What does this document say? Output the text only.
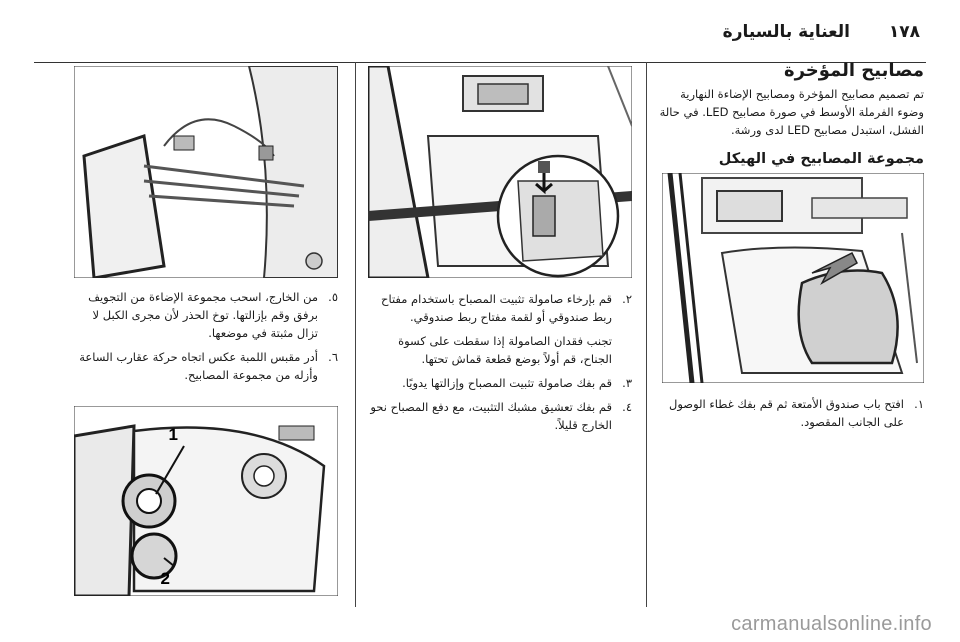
١٧٨
العناية بالسيارة
مصابيح المؤخرة

تم تصميم مصابيح المؤخرة ومصابيح الإضاءة النهارية وضوء الفرملة الأوسط في صورة مصابيح LED. في حالة الفشل، استبدل مصابيح LED لدى ورشة.

مجموعة المصابيح في الهيكل
١.
افتح باب صندوق الأمتعة ثم قم بفك غطاء الوصول على الجانب المقصود.
٢.
قم بإرخاء صامولة تثبيت المصباح باستخدام مفتاح ربط صندوقي أو لقمة مفتاح ربط صندوقي.
تجنب فقدان الصامولة إذا سقطت على كسوة الجناح، قم أولاً بوضع قطعة قماش تحتها.
٣.
قم بفك صامولة تثبيت المصباح وإزالتها يدويًا.
٤.
قم بفك تعشيق مشبك التثبيت، مع دفع المصباح نحو الخارج قليلاً.
٥.
من الخارج، اسحب مجموعة الإضاءة من التجويف برفق وقم بإزالتها. توخ الحذر لأن مجرى الكبل لا تزال مثبتة في موضعها.
٦.
أدر مقبس اللمبة عكس اتجاه حركة عقارب الساعة وأزله من مجموعة المصابيح.
1
2
carmanualsonline.info
